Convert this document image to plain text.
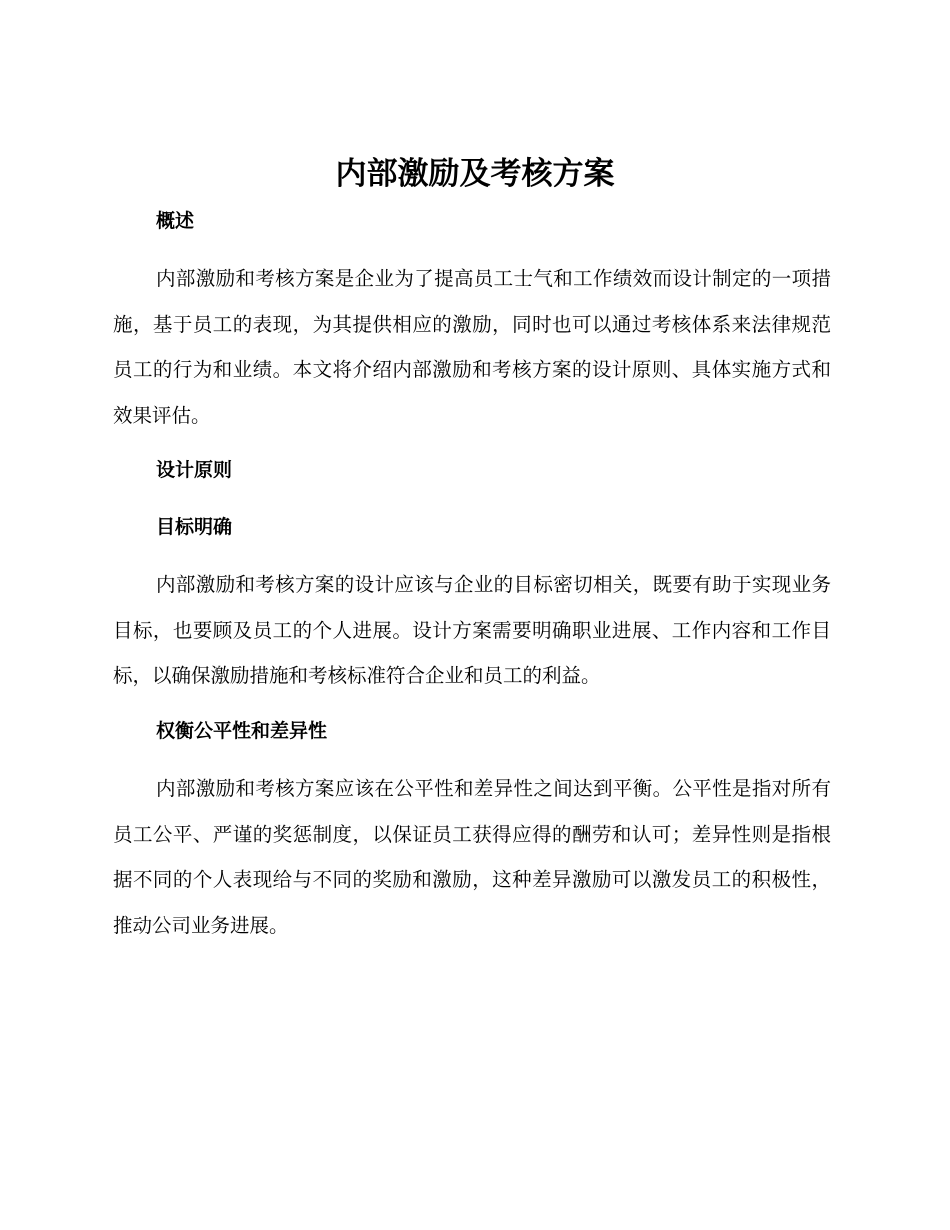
内部激励及考核方案
概述
内部激励和考核方案是企业为了提高员工士气和工作绩效而设计制定的一项措施，基于员工的表现，为其提供相应的激励，同时也可以通过考核体系来法律规范员工的行为和业绩。本文将介绍内部激励和考核方案的设计原则、具体实施方式和效果评估。
设计原则
目标明确
内部激励和考核方案的设计应该与企业的目标密切相关，既要有助于实现业务目标，也要顾及员工的个人进展。设计方案需要明确职业进展、工作内容和工作目标，以确保激励措施和考核标准符合企业和员工的利益。
权衡公平性和差异性
内部激励和考核方案应该在公平性和差异性之间达到平衡。公平性是指对所有员工公平、严谨的奖惩制度，以保证员工获得应得的酬劳和认可；差异性则是指根据不同的个人表现给与不同的奖励和激励，这种差异激励可以激发员工的积极性，推动公司业务进展。
